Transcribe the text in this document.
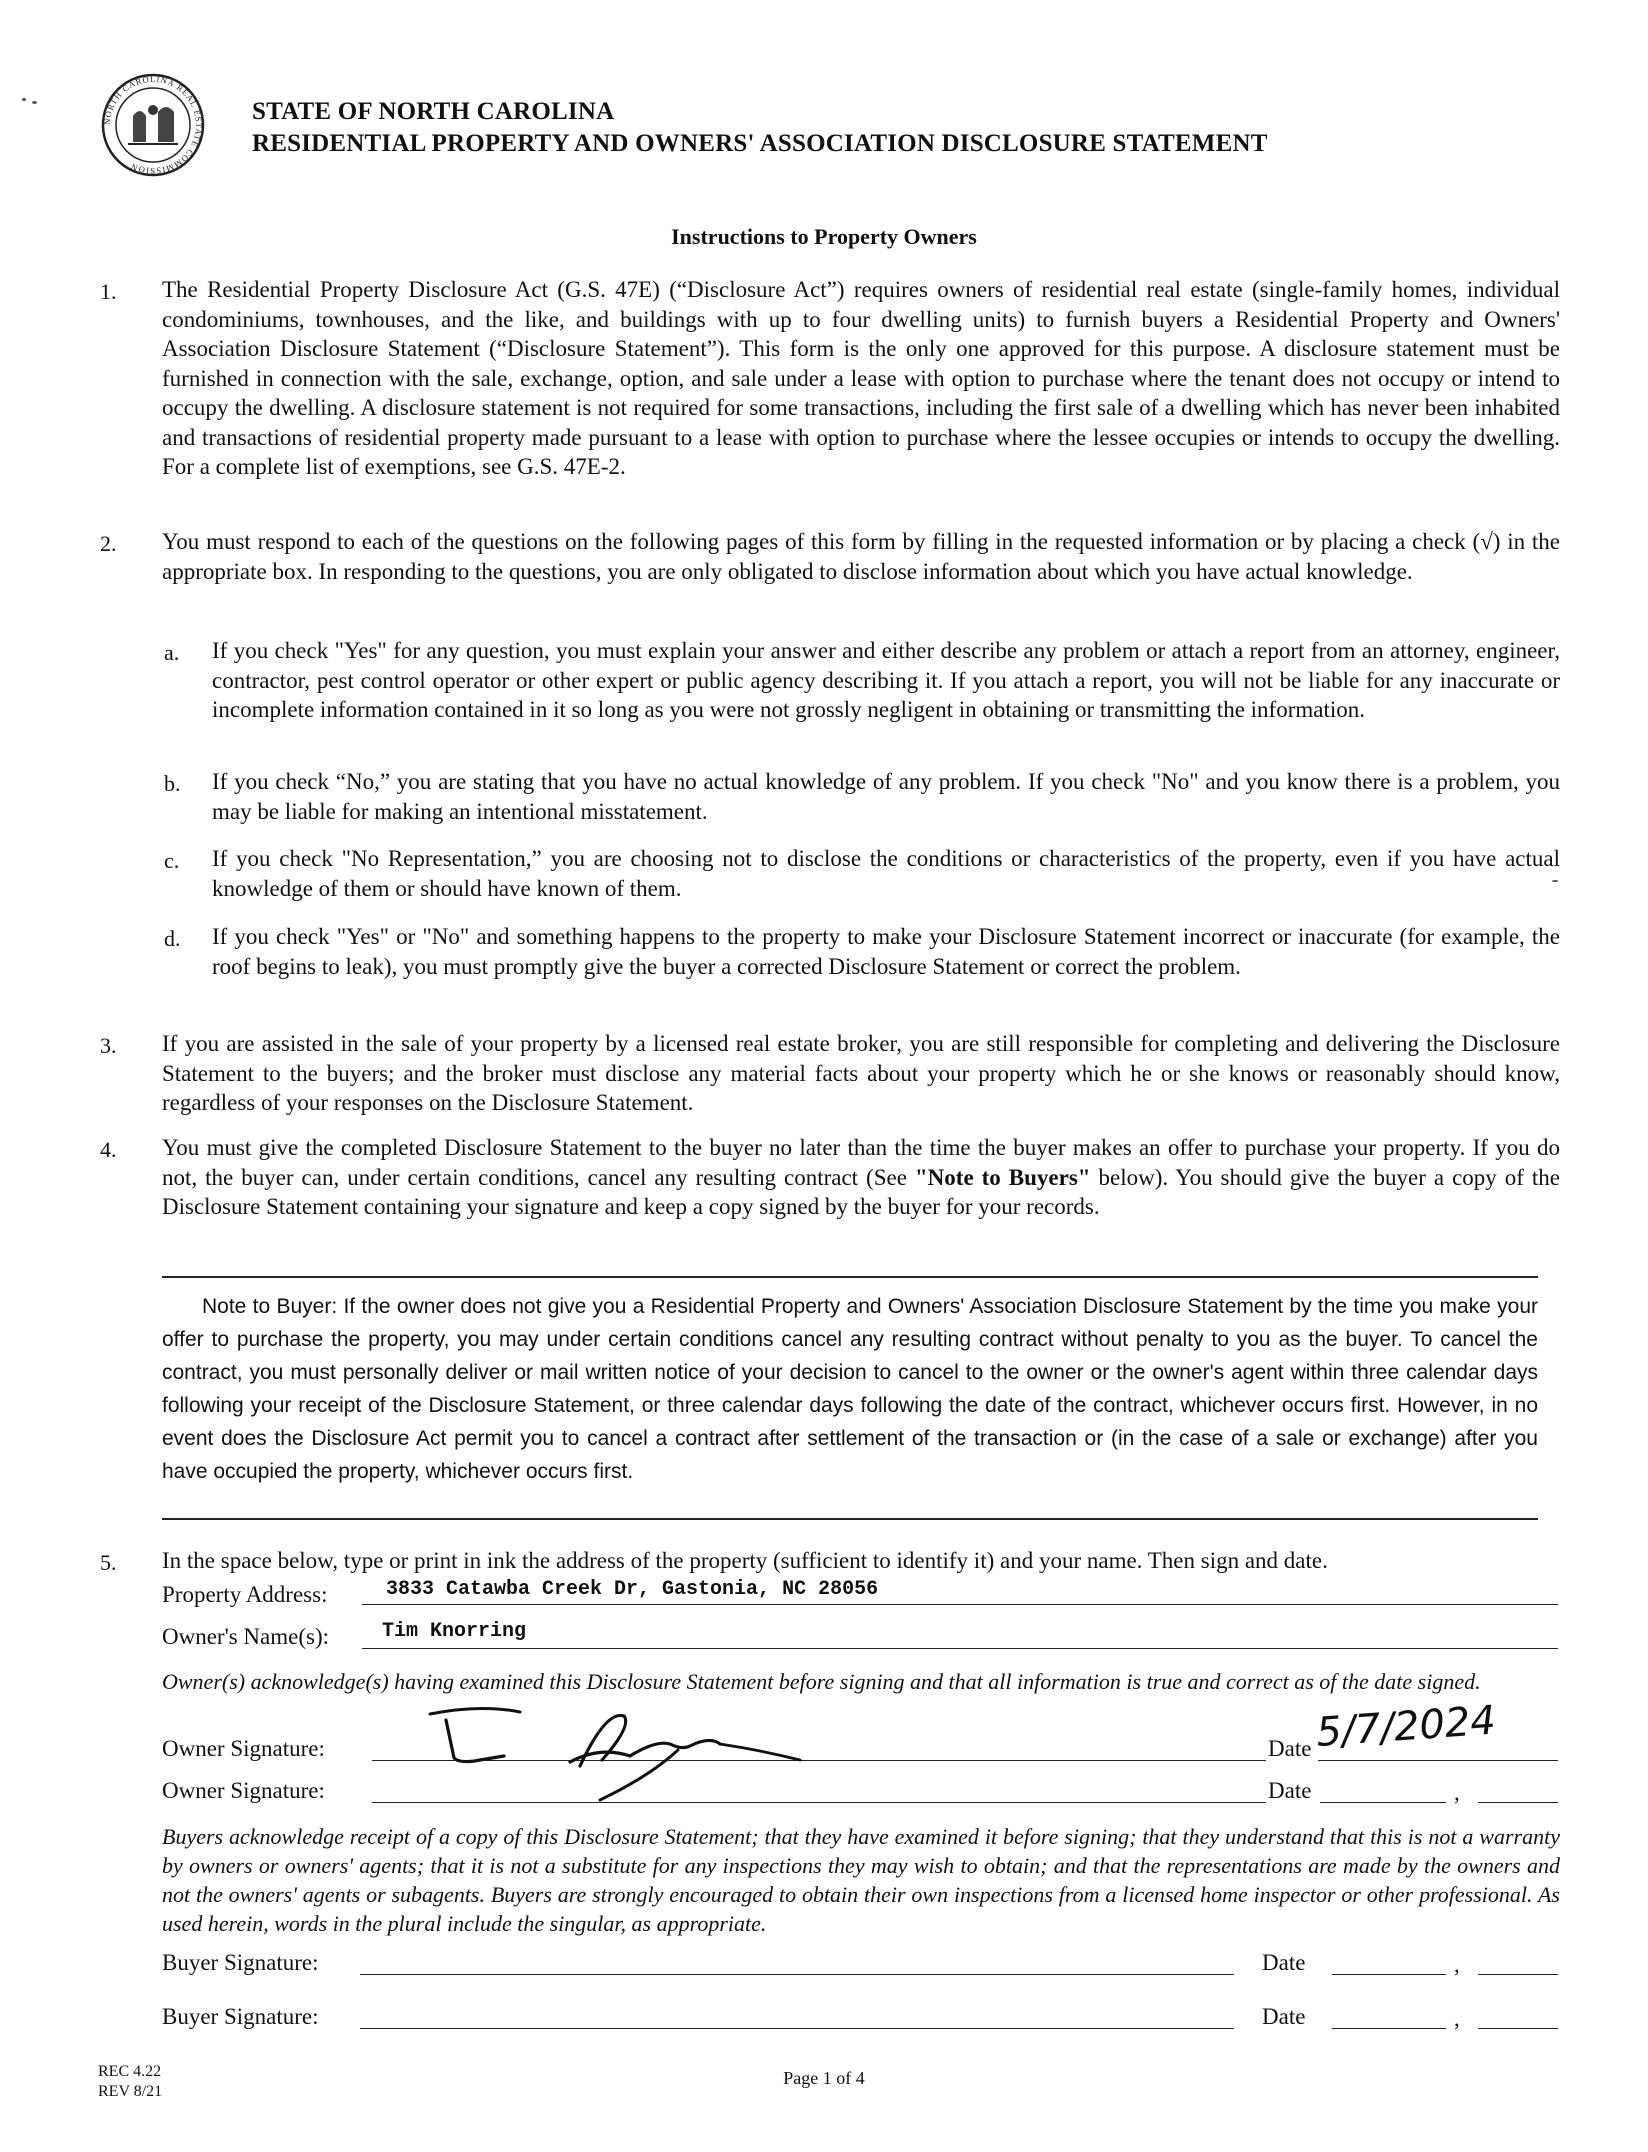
NORTH CAROLINA REAL ESTATE COMMISSION
STATE OF NORTH CAROLINA
RESIDENTIAL PROPERTY AND OWNERS' ASSOCIATION DISCLOSURE STATEMENT
Instructions to Property Owners
1. The Residential Property Disclosure Act (G.S. 47E) (“Disclosure Act”) requires owners of residential real estate (single-family homes, individual condominiums, townhouses, and the like, and buildings with up to four dwelling units) to furnish buyers a Residential Property and Owners' Association Disclosure Statement (“Disclosure Statement”). This form is the only one approved for this purpose. A disclosure statement must be furnished in connection with the sale, exchange, option, and sale under a lease with option to purchase where the tenant does not occupy or intend to occupy the dwelling. A disclosure statement is not required for some transactions, including the first sale of a dwelling which has never been inhabited and transactions of residential property made pursuant to a lease with option to purchase where the lessee occupies or intends to occupy the dwelling. For a complete list of exemptions, see G.S. 47E-2.
2. You must respond to each of the questions on the following pages of this form by filling in the requested information or by placing a check (√) in the appropriate box. In responding to the questions, you are only obligated to disclose information about which you have actual knowledge.
a. If you check "Yes" for any question, you must explain your answer and either describe any problem or attach a report from an attorney, engineer, contractor, pest control operator or other expert or public agency describing it. If you attach a report, you will not be liable for any inaccurate or incomplete information contained in it so long as you were not grossly negligent in obtaining or transmitting the information.
b. If you check “No,” you are stating that you have no actual knowledge of any problem. If you check "No" and you know there is a problem, you may be liable for making an intentional misstatement.
c. If you check "No Representation,” you are choosing not to disclose the conditions or characteristics of the property, even if you have actual knowledge of them or should have known of them.
d. If you check "Yes" or "No" and something happens to the property to make your Disclosure Statement incorrect or inaccurate (for example, the roof begins to leak), you must promptly give the buyer a corrected Disclosure Statement or correct the problem.
3. If you are assisted in the sale of your property by a licensed real estate broker, you are still responsible for completing and delivering the Disclosure Statement to the buyers; and the broker must disclose any material facts about your property which he or she knows or reasonably should know, regardless of your responses on the Disclosure Statement.
4. You must give the completed Disclosure Statement to the buyer no later than the time the buyer makes an offer to purchase your property. If you do not, the buyer can, under certain conditions, cancel any resulting contract (See "Note to Buyers" below). You should give the buyer a copy of the Disclosure Statement containing your signature and keep a copy signed by the buyer for your records.
Note to Buyer: If the owner does not give you a Residential Property and Owners' Association Disclosure Statement by the time you make your offer to purchase the property, you may under certain conditions cancel any resulting contract without penalty to you as the buyer. To cancel the contract, you must personally deliver or mail written notice of your decision to cancel to the owner or the owner's agent within three calendar days following your receipt of the Disclosure Statement, or three calendar days following the date of the contract, whichever occurs first. However, in no event does the Disclosure Act permit you to cancel a contract after settlement of the transaction or (in the case of a sale or exchange) after you have occupied the property, whichever occurs first.
5. In the space below, type or print in ink the address of the property (sufficient to identify it) and your name. Then sign and date.
Property Address:	3833 Catawba Creek Dr, Gastonia, NC 28056
Owner's Name(s):	Tim Knorring
Owner(s) acknowledge(s) having examined this Disclosure Statement before signing and that all information is true and correct as of the date signed.
Owner Signature:	Date 5/7/2024
Owner Signature:	Date	,
Buyers acknowledge receipt of a copy of this Disclosure Statement; that they have examined it before signing; that they understand that this is not a warranty by owners or owners' agents; that it is not a substitute for any inspections they may wish to obtain; and that the representations are made by the owners and not the owners' agents or subagents. Buyers are strongly encouraged to obtain their own inspections from a licensed home inspector or other professional. As used herein, words in the plural include the singular, as appropriate.
Buyer Signature:	Date	,
Buyer Signature:	Date	,
REC 4.22
REV 8/21
Page 1 of 4
